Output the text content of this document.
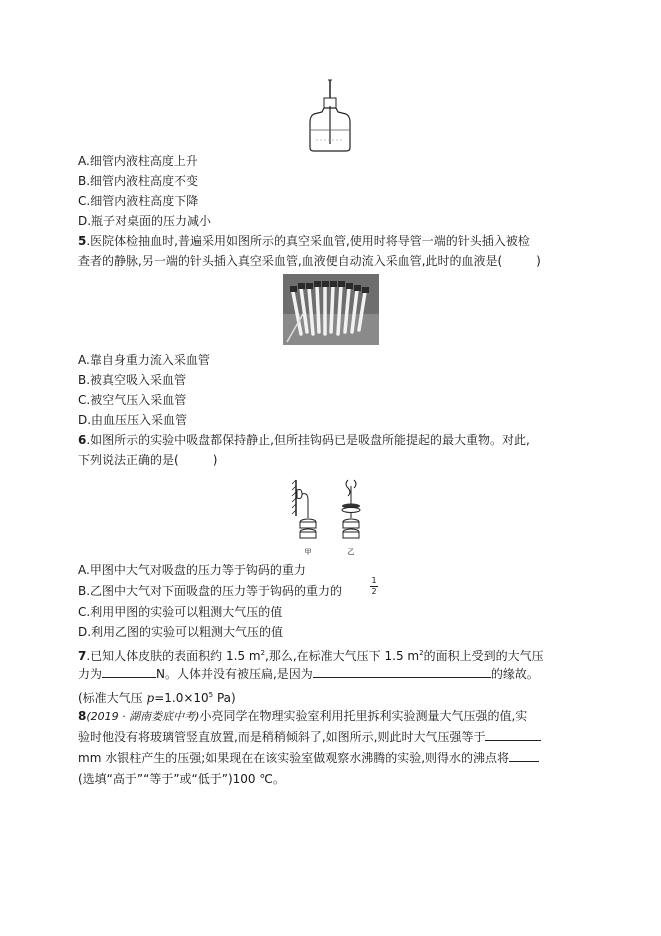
A.细管内液柱高度上升
B.细管内液柱高度不变
C.细管内液柱高度下降
D.瓶子对桌面的压力减小
5.医院体检抽血时,普遍采用如图所示的真空采血管,使用时将导管一端的针头插入被检
查者的静脉,另一端的针头插入真空采血管,血液便自动流入采血管,此时的血液是(	)
A.靠自身重力流入采血管
B.被真空吸入采血管
C.被空气压入采血管
D.由血压压入采血管
6.如图所示的实验中吸盘都保持静止,但所挂钩码已是吸盘所能提起的最大重物。对此,
下列说法正确的是(	)
甲	乙
A.甲图中大气对吸盘的压力等于钩码的重力
B.乙图中大气对下面吸盘的压力等于钩码的重力的
1
2
C.利用甲图的实验可以粗测大气压的值
D.利用乙图的实验可以粗测大气压的值
7.已知人体皮肤的表面积约 1.5 $m^2$,那么,在标准大气压下 1.5 $m^2$的面积上受到的大气压
力为	N。人体并没有被压扁,是因为	的缘故。
(标准大气压 $p=1.0\times 10^5$ Pa)
8(2019 · 湖南娄底中考)小亮同学在物理实验室利用托里拆利实验测量大气压强的值,实
验时他没有将玻璃管竖直放置,而是稍稍倾斜了,如图所示,则此时大气压强等于
mm 水银柱产生的压强;如果现在在该实验室做观察水沸腾的实验,则得水的沸点将
(选填“高于”“等于”或“低于”)100 ℃。
